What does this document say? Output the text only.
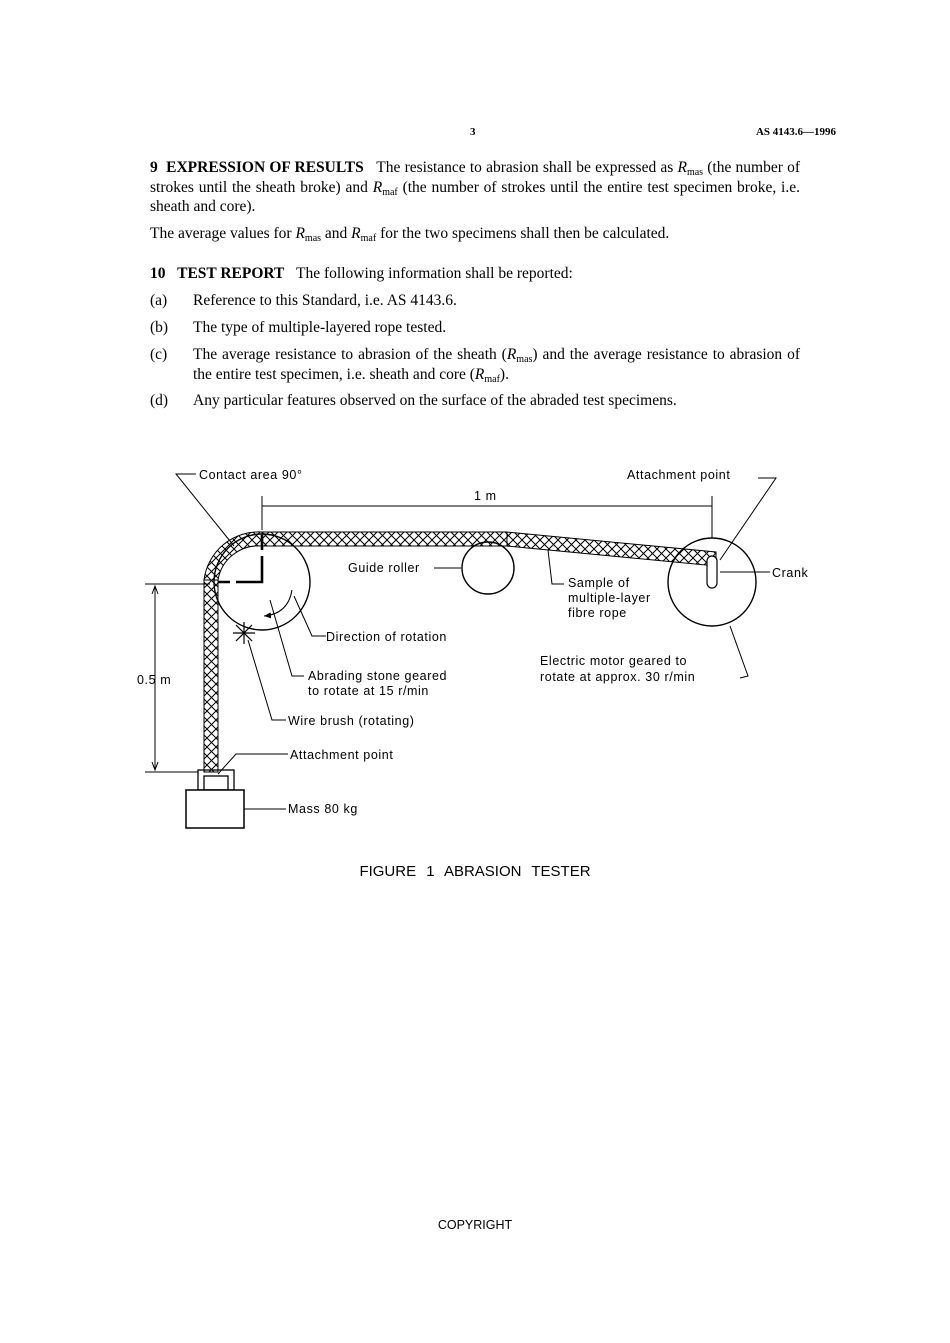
3	AS 4143.6—1996
9 EXPRESSION OF RESULTS The resistance to abrasion shall be expressed as $R_{mas}$ (the number of strokes until the sheath broke) and $R_{maf}$ (the number of strokes until the entire test specimen broke, i.e. sheath and core).
The average values for $R_{mas}$ and $R_{maf}$ for the two specimens shall then be calculated.
10 TEST REPORT The following information shall be reported:
(a) Reference to this Standard, i.e. AS 4143.6.
(b) The type of multiple-layered rope tested.
(c) The average resistance to abrasion of the sheath $(R_{mas})$ and the average resistance to abrasion of the entire test specimen, i.e. sheath and core $(R_{maf})$.
(d) Any particular features observed on the surface of the abraded test specimens.
1 m
0.5 m
Contact area 90°	Attachment point
Guide roller	Crank
Sample of
multiple-layer
fibre rope
Direction of rotation
Electric motor geared to
rotate at approx. 30 r/min
Abrading stone geared
to rotate at 15 r/min
Wire brush (rotating)
Attachment point
Mass 80 kg
FIGURE 1 ABRASION TESTER
COPYRIGHT
